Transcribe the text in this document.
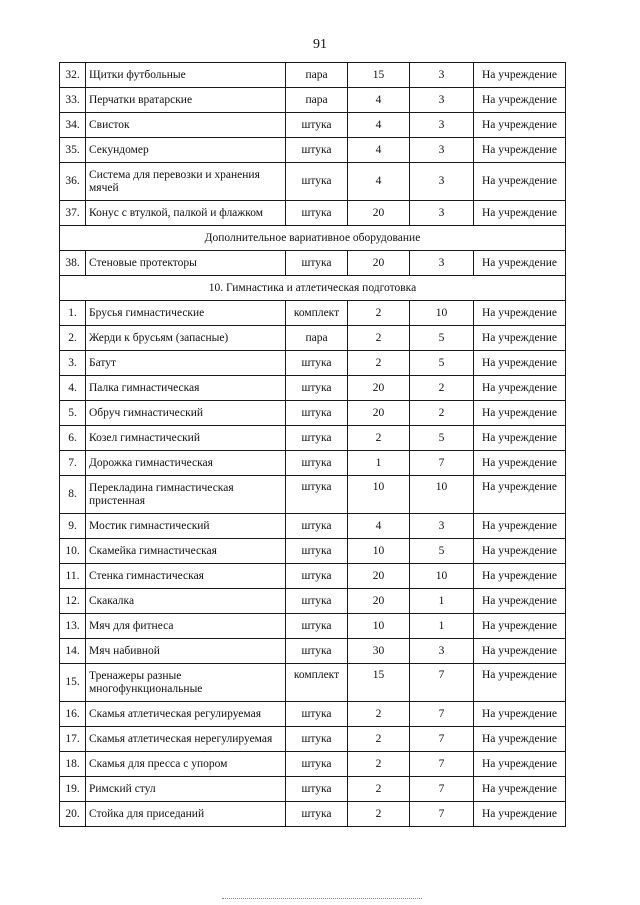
91
32.	Щитки футбольные	пара	15	3	На учреждение
33.	Перчатки вратарские	пара	4	3	На учреждение
34.	Свисток	штука	4	3	На учреждение
35.	Секундомер	штука	4	3	На учреждение
36.	Система для перевозки и хранения мячей	штука	4	3	На учреждение
37.	Конус с втулкой, палкой и флажком	штука	20	3	На учреждение
Дополнительное вариативное оборудование					
38.	Стеновые протекторы	штука	20	3	На учреждение
10. Гимнастика и атлетическая подготовка					
1.	Брусья гимнастические	комплект	2	10	На учреждение
2.	Жерди к брусьям (запасные)	пара	2	5	На учреждение
3.	Батут	штука	2	5	На учреждение
4.	Палка гимнастическая	штука	20	2	На учреждение
5.	Обруч гимнастический	штука	20	2	На учреждение
6.	Козел гимнастический	штука	2	5	На учреждение
7.	Дорожка гимнастическая	штука	1	7	На учреждение
8.	Перекладина гимнастическая пристенная	штука	10	10	На учреждение
9.	Мостик гимнастический	штука	4	3	На учреждение
10.	Скамейка гимнастическая	штука	10	5	На учреждение
11.	Стенка гимнастическая	штука	20	10	На учреждение
12.	Скакалка	штука	20	1	На учреждение
13.	Мяч для фитнеса	штука	10	1	На учреждение
14.	Мяч набивной	штука	30	3	На учреждение
15.	Тренажеры разные многофункциональные	комплект	15	7	На учреждение
16.	Скамья атлетическая регулируемая	штука	2	7	На учреждение
17.	Скамья атлетическая нерегулируемая	штука	2	7	На учреждение
18.	Скамья для пресса с упором	штука	2	7	На учреждение
19.	Римский стул	штука	2	7	На учреждение
20.	Стойка для приседаний	штука	2	7	На учреждение
